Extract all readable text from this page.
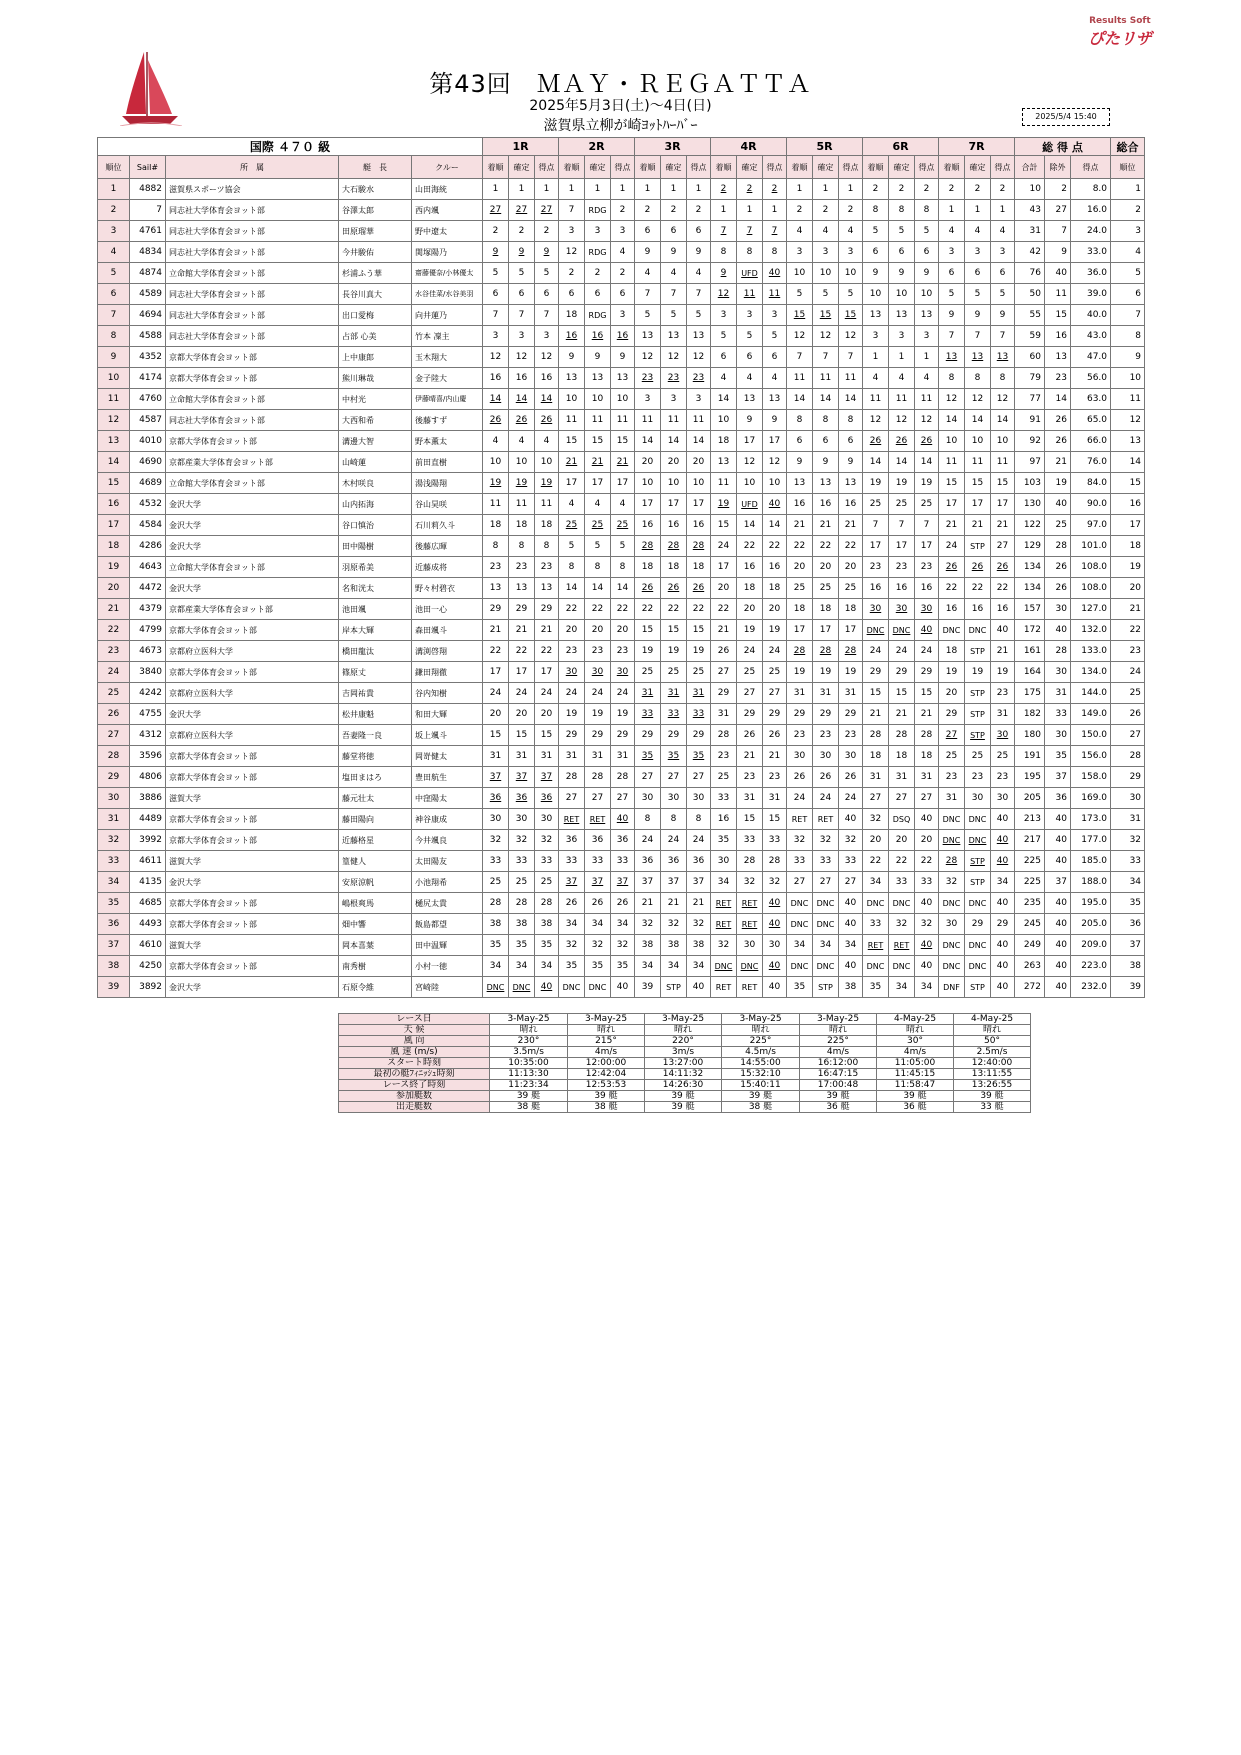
Results Soft
ぴたリザ
第43回　ＭＡＹ・ＲＥＧＡＴＴＡ
2025年5月3日(土)～4日(日)
滋賀県立柳が崎ﾖｯﾄﾊｰﾊﾞｰ
2025/5/4 15:40
国際 ４７０ 級					1R			2R			3R			4R			5R			6R			7R			総 得 点			総合
順位	Sail#	所　属	艇　長	クルー	着順	確定	得点	着順	確定	得点	着順	確定	得点	着順	確定	得点	着順	確定	得点	着順	確定	得点	着順	確定	得点	合計	除外	得点	順位
1	4882	滋賀県スポーツ協会	大石駿水	山田海統	1	1	1	1	1	1	1	1	1	2	2	2	1	1	1	2	2	2	2	2	2	10	2	8.0	1
2	7	同志社大学体育会ヨット部	谷澤太郎	西内颯	27	27	27	7	RDG	2	2	2	2	1	1	1	2	2	2	8	8	8	1	1	1	43	27	16.0	2
3	4761	同志社大学体育会ヨット部	田原瑠華	野中遼太	2	2	2	3	3	3	6	6	6	7	7	7	4	4	4	5	5	5	4	4	4	31	7	24.0	3
4	4834	同志社大学体育会ヨット部	今井駿佑	関塚陽乃	9	9	9	12	RDG	4	9	9	9	8	8	8	3	3	3	6	6	6	3	3	3	42	9	33.0	4
5	4874	立命館大学体育会ヨット部	杉浦ふう華	齋藤優奈/小林優太	5	5	5	2	2	2	4	4	4	9	UFD	40	10	10	10	9	9	9	6	6	6	76	40	36.0	5
6	4589	同志社大学体育会ヨット部	長谷川真大	水谷佳菜/水谷美羽	6	6	6	6	6	6	7	7	7	12	11	11	5	5	5	10	10	10	5	5	5	50	11	39.0	6
7	4694	同志社大学体育会ヨット部	出口愛梅	向井蓮乃	7	7	7	18	RDG	3	5	5	5	3	3	3	15	15	15	13	13	13	9	9	9	55	15	40.0	7
8	4588	同志社大学体育会ヨット部	占部 心美	竹本 凜主	3	3	3	16	16	16	13	13	13	5	5	5	12	12	12	3	3	3	7	7	7	59	16	43.0	8
9	4352	京都大学体育会ヨット部	上中康郎	玉木翔大	12	12	12	9	9	9	12	12	12	6	6	6	7	7	7	1	1	1	13	13	13	60	13	47.0	9
10	4174	京都大学体育会ヨット部	熊川琳哉	金子陸大	16	16	16	13	13	13	23	23	23	4	4	4	11	11	11	4	4	4	8	8	8	79	23	56.0	10
11	4760	立命館大学体育会ヨット部	中村光	伊藤晴喜/内山慶	14	14	14	10	10	10	3	3	3	14	13	13	14	14	14	11	11	11	12	12	12	77	14	63.0	11
12	4587	同志社大学体育会ヨット部	大西和希	後藤すず	26	26	26	11	11	11	11	11	11	10	9	9	8	8	8	12	12	12	14	14	14	91	26	65.0	12
13	4010	京都大学体育会ヨット部	溝邊大智	野本薫太	4	4	4	15	15	15	14	14	14	18	17	17	6	6	6	26	26	26	10	10	10	92	26	66.0	13
14	4690	京都産業大学体育会ヨット部	山崎蓮	前田直樹	10	10	10	21	21	21	20	20	20	13	12	12	9	9	9	14	14	14	11	11	11	97	21	76.0	14
15	4689	立命館大学体育会ヨット部	木村咲良	湯浅陽翔	19	19	19	17	17	17	10	10	10	11	10	10	13	13	13	19	19	19	15	15	15	103	19	84.0	15
16	4532	金沢大学	山内拓海	谷山昊咲	11	11	11	4	4	4	17	17	17	19	UFD	40	16	16	16	25	25	25	17	17	17	130	40	90.0	16
17	4584	金沢大学	谷口慎治	石川莉久斗	18	18	18	25	25	25	16	16	16	15	14	14	21	21	21	7	7	7	21	21	21	122	25	97.0	17
18	4286	金沢大学	田中陽樹	後藤広暉	8	8	8	5	5	5	28	28	28	24	22	22	22	22	22	17	17	17	24	STP	27	129	28	101.0	18
19	4643	立命館大学体育会ヨット部	羽原希美	近藤成将	23	23	23	8	8	8	18	18	18	17	16	16	20	20	20	23	23	23	26	26	26	134	26	108.0	19
20	4472	金沢大学	名和洸太	野々村碧衣	13	13	13	14	14	14	26	26	26	20	18	18	25	25	25	16	16	16	22	22	22	134	26	108.0	20
21	4379	京都産業大学体育会ヨット部	池田颯	池田一心	29	29	29	22	22	22	22	22	22	22	20	20	18	18	18	30	30	30	16	16	16	157	30	127.0	21
22	4799	京都大学体育会ヨット部	岸本大輝	森田颯斗	21	21	21	20	20	20	15	15	15	21	19	19	17	17	17	DNC	DNC	40	DNC	DNC	40	172	40	132.0	22
23	4673	京都府立医科大学	橋田龍汰	溝渕啓翔	22	22	22	23	23	23	19	19	19	26	24	24	28	28	28	24	24	24	18	STP	21	161	28	133.0	23
24	3840	京都大学体育会ヨット部	篠原丈	鎌田翔徹	17	17	17	30	30	30	25	25	25	27	25	25	19	19	19	29	29	29	19	19	19	164	30	134.0	24
25	4242	京都府立医科大学	吉岡祐貴	谷内知樹	24	24	24	24	24	24	31	31	31	29	27	27	31	31	31	15	15	15	20	STP	23	175	31	144.0	25
26	4755	金沢大学	松井康魁	和田大輝	20	20	20	19	19	19	33	33	33	31	29	29	29	29	29	21	21	21	29	STP	31	182	33	149.0	26
27	4312	京都府立医科大学	吾妻隆一良	坂上颯斗	15	15	15	29	29	29	29	29	29	28	26	26	23	23	23	28	28	28	27	STP	30	180	30	150.0	27
28	3596	京都大学体育会ヨット部	藤堂将徳	岡嵜健太	31	31	31	31	31	31	35	35	35	23	21	21	30	30	30	18	18	18	25	25	25	191	35	156.0	28
29	4806	京都大学体育会ヨット部	塩田まはろ	豊田航生	37	37	37	28	28	28	27	27	27	25	23	23	26	26	26	31	31	31	23	23	23	195	37	158.0	29
30	3886	滋賀大学	藤元壮太	中窪陽太	36	36	36	27	27	27	30	30	30	33	31	31	24	24	24	27	27	27	31	30	30	205	36	169.0	30
31	4489	京都大学体育会ヨット部	藤田陽向	神谷康成	30	30	30	RET	RET	40	8	8	8	16	15	15	RET	RET	40	32	DSQ	40	DNC	DNC	40	213	40	173.0	31
32	3992	京都大学体育会ヨット部	近藤格星	今井颯良	32	32	32	36	36	36	24	24	24	35	33	33	32	32	32	20	20	20	DNC	DNC	40	217	40	177.0	32
33	4611	滋賀大学	篁健人	太田陽友	33	33	33	33	33	33	36	36	36	30	28	28	33	33	33	22	22	22	28	STP	40	225	40	185.0	33
34	4135	金沢大学	安原涼帆	小池翔希	25	25	25	37	37	37	37	37	37	34	32	32	27	27	27	34	33	33	32	STP	34	225	37	188.0	34
35	4685	京都大学体育会ヨット部	嶋根爽馬	樋尻太貴	28	28	28	26	26	26	21	21	21	RET	RET	40	DNC	DNC	40	DNC	DNC	40	DNC	DNC	40	235	40	195.0	35
36	4493	京都大学体育会ヨット部	畑中響	飯島都望	38	38	38	34	34	34	32	32	32	RET	RET	40	DNC	DNC	40	33	32	32	30	29	29	245	40	205.0	36
37	4610	滋賀大学	岡本喜葉	田中温輝	35	35	35	32	32	32	38	38	38	32	30	30	34	34	34	RET	RET	40	DNC	DNC	40	249	40	209.0	37
38	4250	京都大学体育会ヨット部	南秀樹	小村一徳	34	34	34	35	35	35	34	34	34	DNC	DNC	40	DNC	DNC	40	DNC	DNC	40	DNC	DNC	40	263	40	223.0	38
39	3892	金沢大学	石原令維	宮崎陸	DNC	DNC	40	DNC	DNC	40	39	STP	40	RET	RET	40	35	STP	38	35	34	34	DNF	STP	40	272	40	232.0	39
レース日	3-May-25	3-May-25	3-May-25	3-May-25	3-May-25	4-May-25	4-May-25
天 候	晴れ	晴れ	晴れ	晴れ	晴れ	晴れ	晴れ
風 向	230°	215°	220°	225°	225°	30°	50°
風 速 (m/s)	3.5m/s	4m/s	3m/s	4.5m/s	4m/s	4m/s	2.5m/s
スタート時刻	10:35:00	12:00:00	13:27:00	14:55:00	16:12:00	11:05:00	12:40:00
最初の艇ﾌｨﾆｯｼｭ時刻	11:13:30	12:42:04	14:11:32	15:32:10	16:47:15	11:45:15	13:11:55
レース終了時刻	11:23:34	12:53:53	14:26:30	15:40:11	17:00:48	11:58:47	13:26:55
参加艇数	39 艇	39 艇	39 艇	39 艇	39 艇	39 艇	39 艇
出走艇数	38 艇	38 艇	39 艇	38 艇	36 艇	36 艇	33 艇
